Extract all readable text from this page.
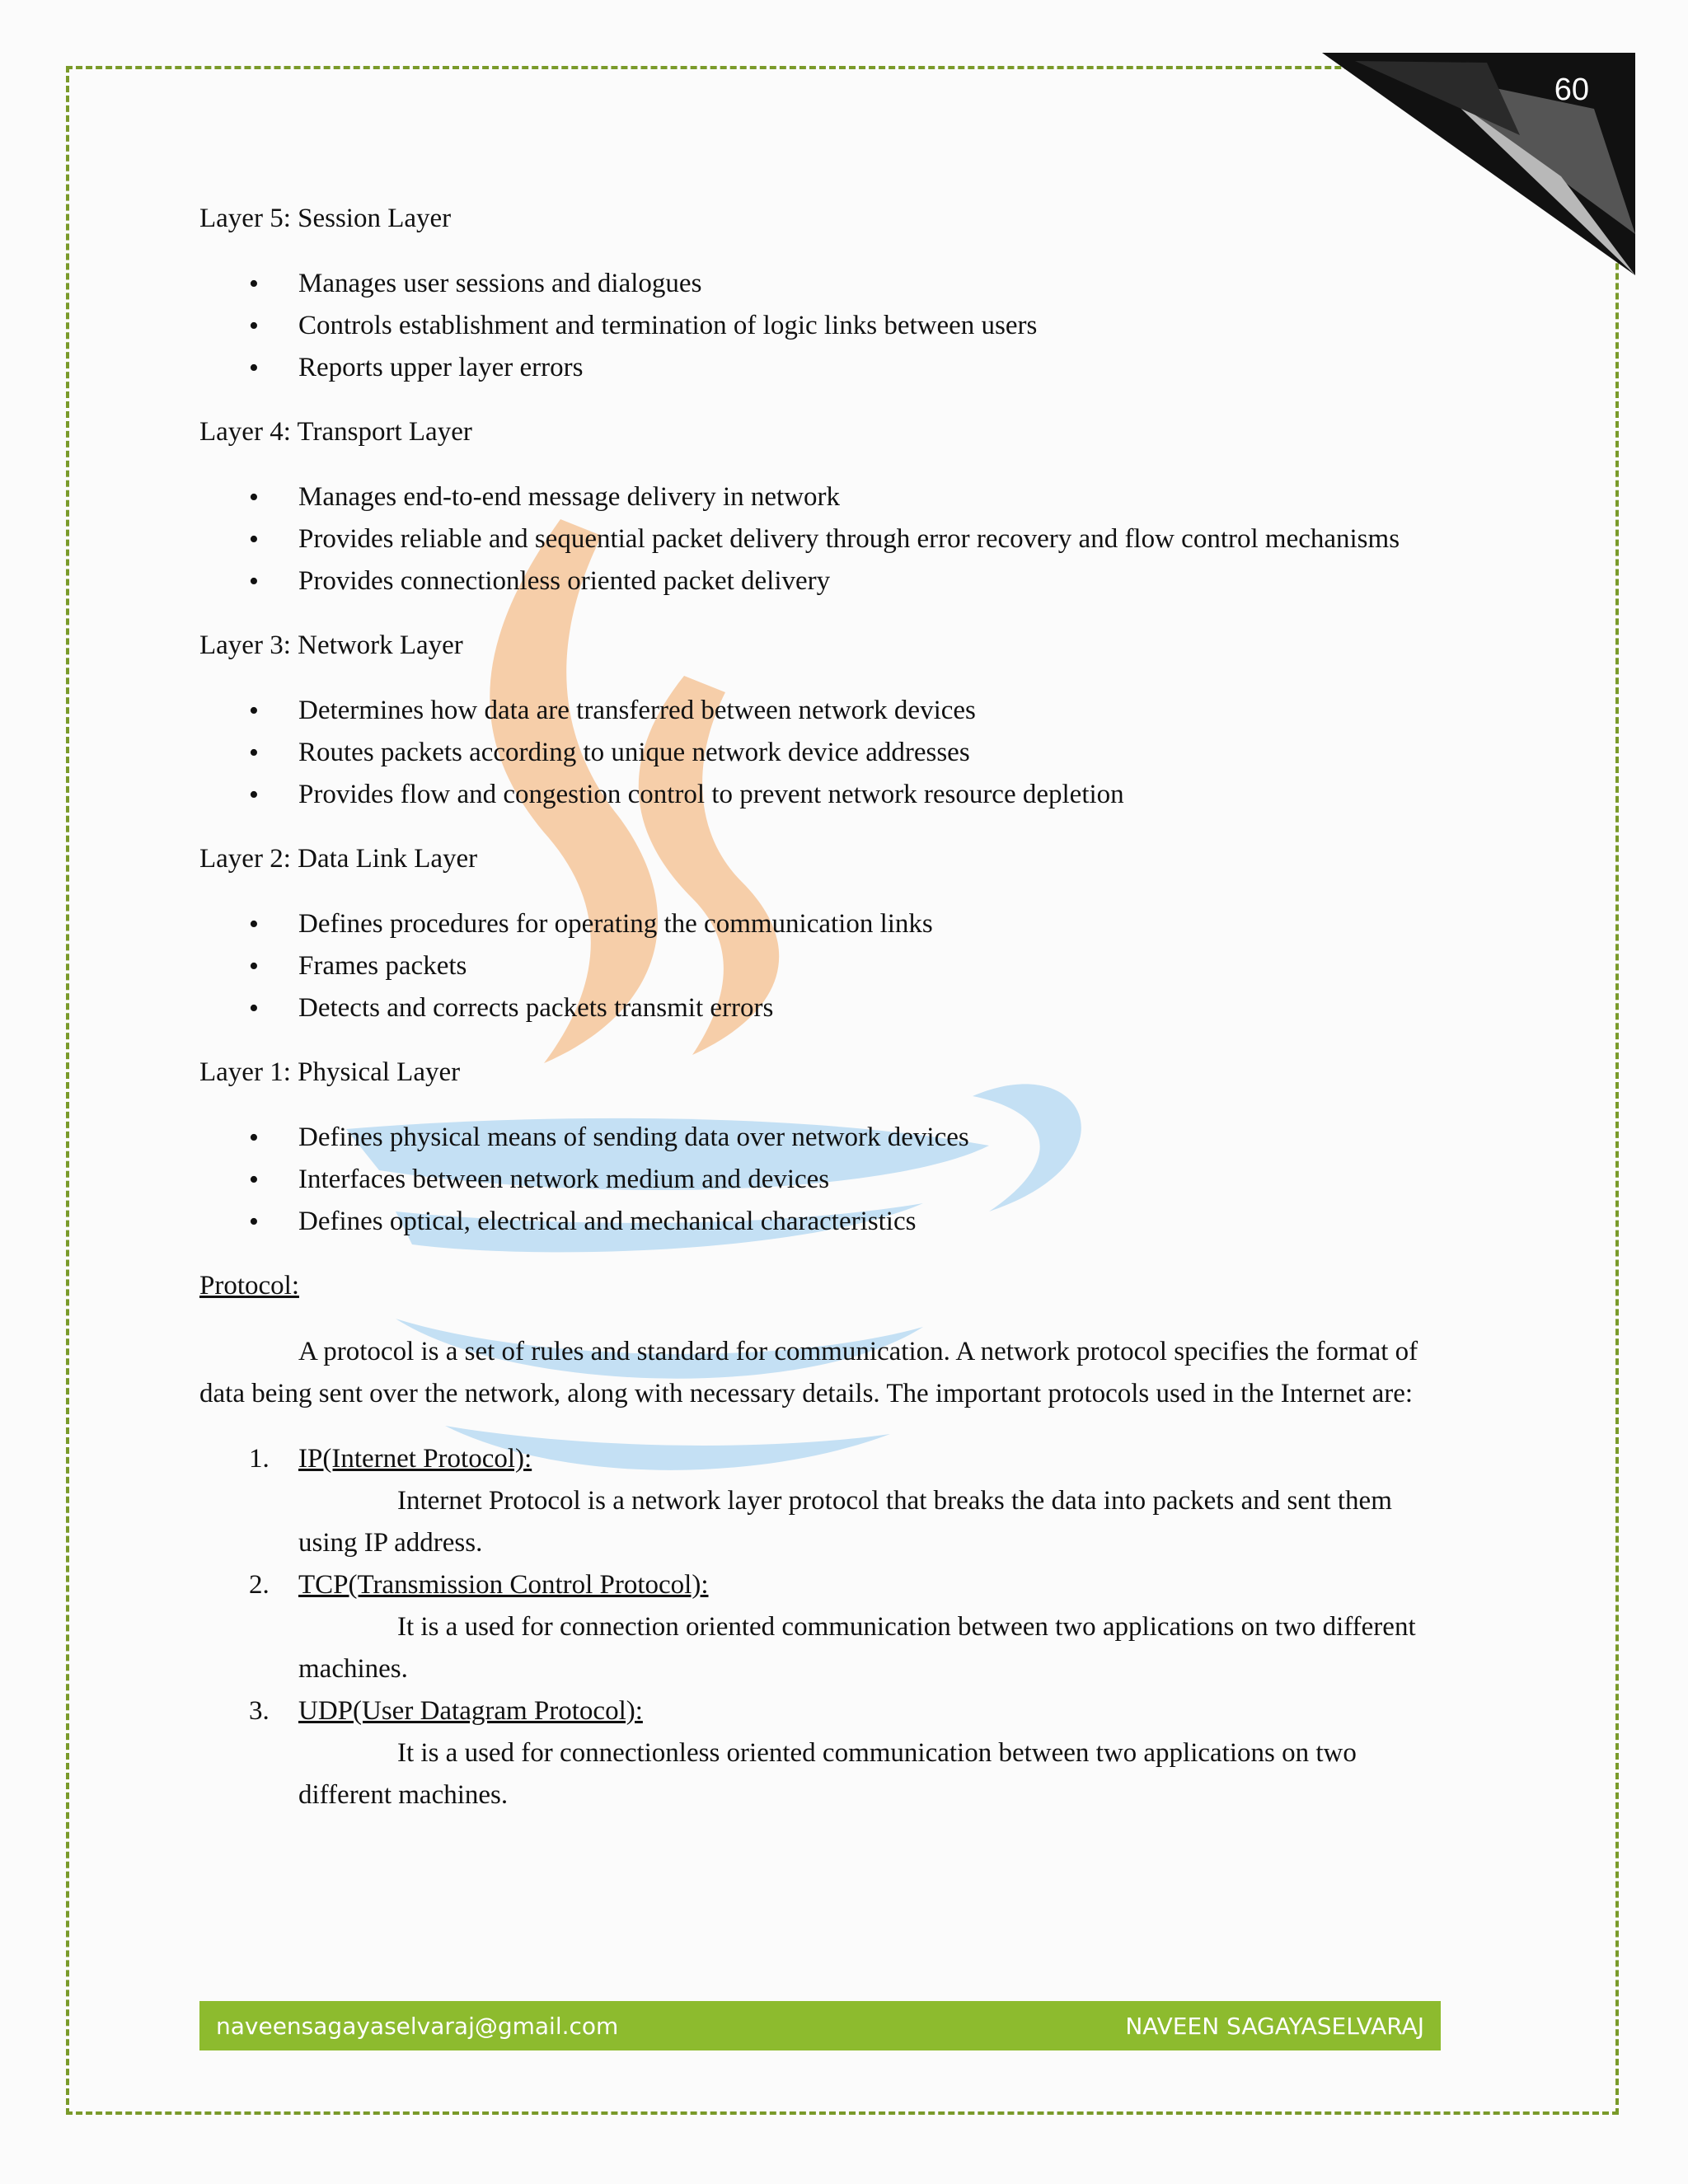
60

Layer 5: Session Layer

• Manages user sessions and dialogues
• Controls establishment and termination of logic links between users
• Reports upper layer errors

Layer 4: Transport Layer

• Manages end-to-end message delivery in network
• Provides reliable and sequential packet delivery through error recovery and flow control mechanisms
• Provides connectionless oriented packet delivery

Layer 3: Network Layer

• Determines how data are transferred between network devices
• Routes packets according to unique network device addresses
• Provides flow and congestion control to prevent network resource depletion

Layer 2: Data Link Layer

• Defines procedures for operating the communication links
• Frames packets
• Detects and corrects packets transmit errors

Layer 1: Physical Layer

• Defines physical means of sending data over network devices
• Interfaces between network medium and devices
• Defines optical, electrical and mechanical characteristics
Protocol:

A protocol is a set of rules and standard for communication. A network protocol specifies the format of data being sent over the network, along with necessary details. The important protocols used in the Internet are:

1. IP(Internet Protocol):
Internet Protocol is a network layer protocol that breaks the data into packets and sent them using IP address.
2. TCP(Transmission Control Protocol):
It is a used for connection oriented communication between two applications on two different machines.
3. UDP(User Datagram Protocol):
It is a used for connectionless oriented communication between two applications on two different machines.
naveensagayaselvaraj@gmail.com	NAVEEN SAGAYASELVARAJ
